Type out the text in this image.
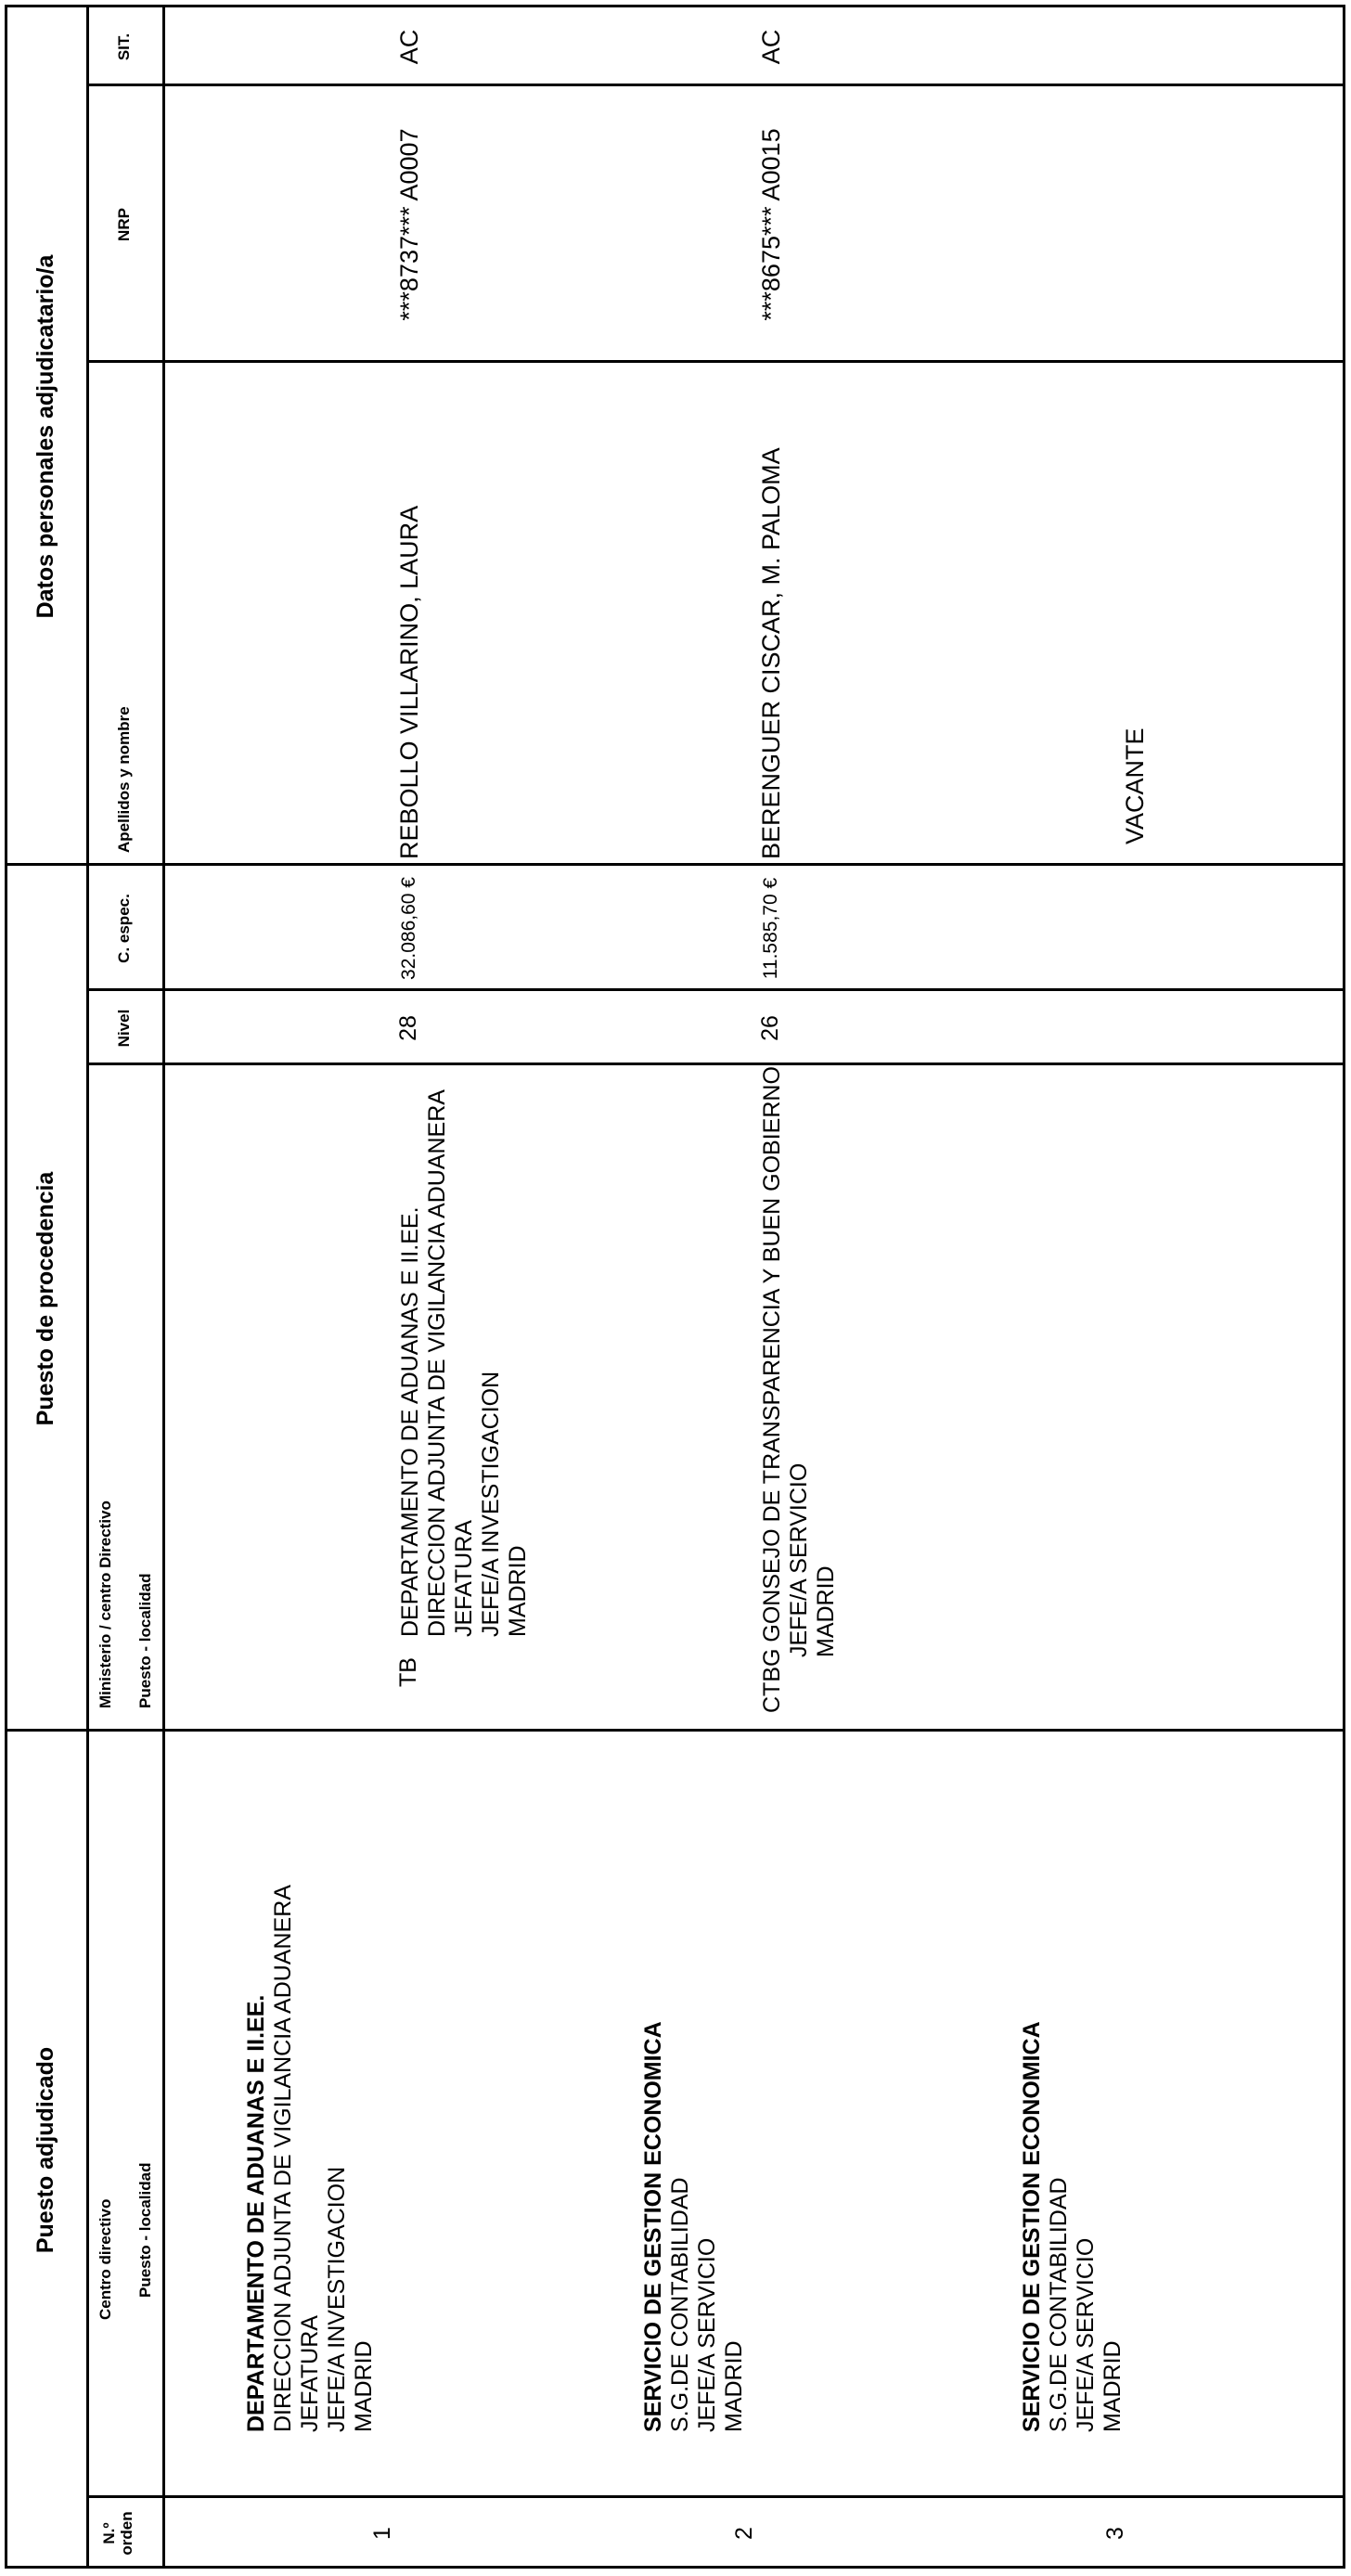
Puesto adjudicado
Puesto de procedencia
Datos personales adjudicatario/a
N.º orden
Centro directivo Puesto - localidad
Ministerio / centro Directivo Puesto - localidad
Nivel
C. espec.
Apellidos y nombre
NRP
SIT.
1
DEPARTAMENTO DE ADUANAS E II.EE. DIRECCION ADJUNTA DE VIGILANCIA ADUANERA JEFATURA JEFE/A INVESTIGACION MADRID
TB
DEPARTAMENTO DE ADUANAS E II.EE. DIRECCION ADJUNTA DE VIGILANCIA ADUANERA JEFATURA JEFE/A INVESTIGACION MADRID
28
32.086,60 €
REBOLLO VILLARINO, LAURA
***8737*** A0007
AC
2
SERVICIO DE GESTION ECONOMICA S.G.DE CONTABILIDAD JEFE/A SERVICIO MADRID
CTBG GONSEJO DE TRANSPARENCIA Y BUEN GOBIERNO JEFE/A SERVICIO MADRID
26
11.585,70 €
BERENGUER CISCAR, M. PALOMA
***8675*** A0015
AC
3
SERVICIO DE GESTION ECONOMICA S.G.DE CONTABILIDAD JEFE/A SERVICIO MADRID
VACANTE
